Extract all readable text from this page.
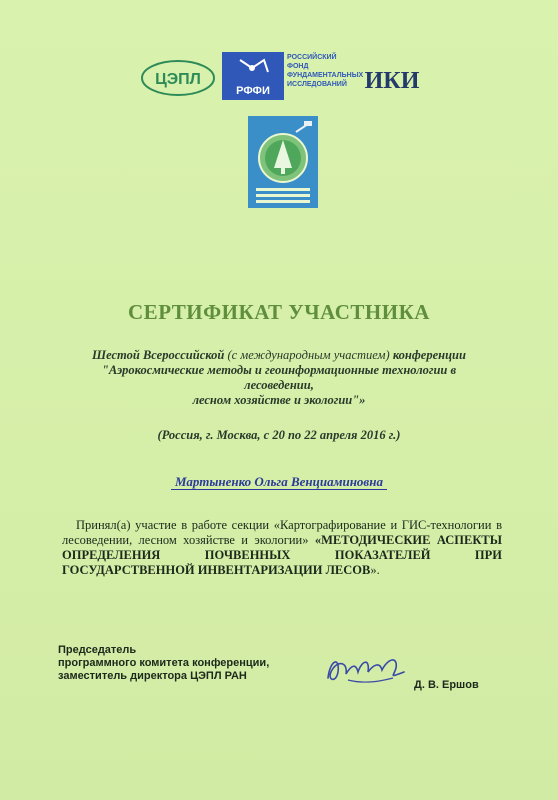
ЦЭПЛ
РФФИ
РОССИЙСКИЙ
ФОНД
ФУНДАМЕНТАЛЬНЫХ
ИССЛЕДОВАНИЙ ИКИ
СЕРТИФИКАТ УЧАСТНИКА
Шестой Всероссийской (с международным участием) конференции
"Аэрокосмические методы и геоинформационные технологии в лесоведении,
лесном хозяйстве и экологии"»
(Россия, г. Москва, с 20 по 22 апреля 2016 г.)
Мартыненко Ольга Венциаминовна
Принял(а) участие в работе секции «Картографирование и ГИС-технологии в лесоведении, лесном хозяйстве и экологии» «МЕТОДИЧЕСКИЕ АСПЕКТЫ ОПРЕДЕЛЕНИЯ ПОЧВЕННЫХ ПОКАЗАТЕЛЕЙ ПРИ ГОСУДАРСТВЕННОЙ ИНВЕНТАРИЗАЦИИ ЛЕСОВ».
Председатель
программного комитета конференции,
заместитель директора ЦЭПЛ РАН
Д. В. Ершов
